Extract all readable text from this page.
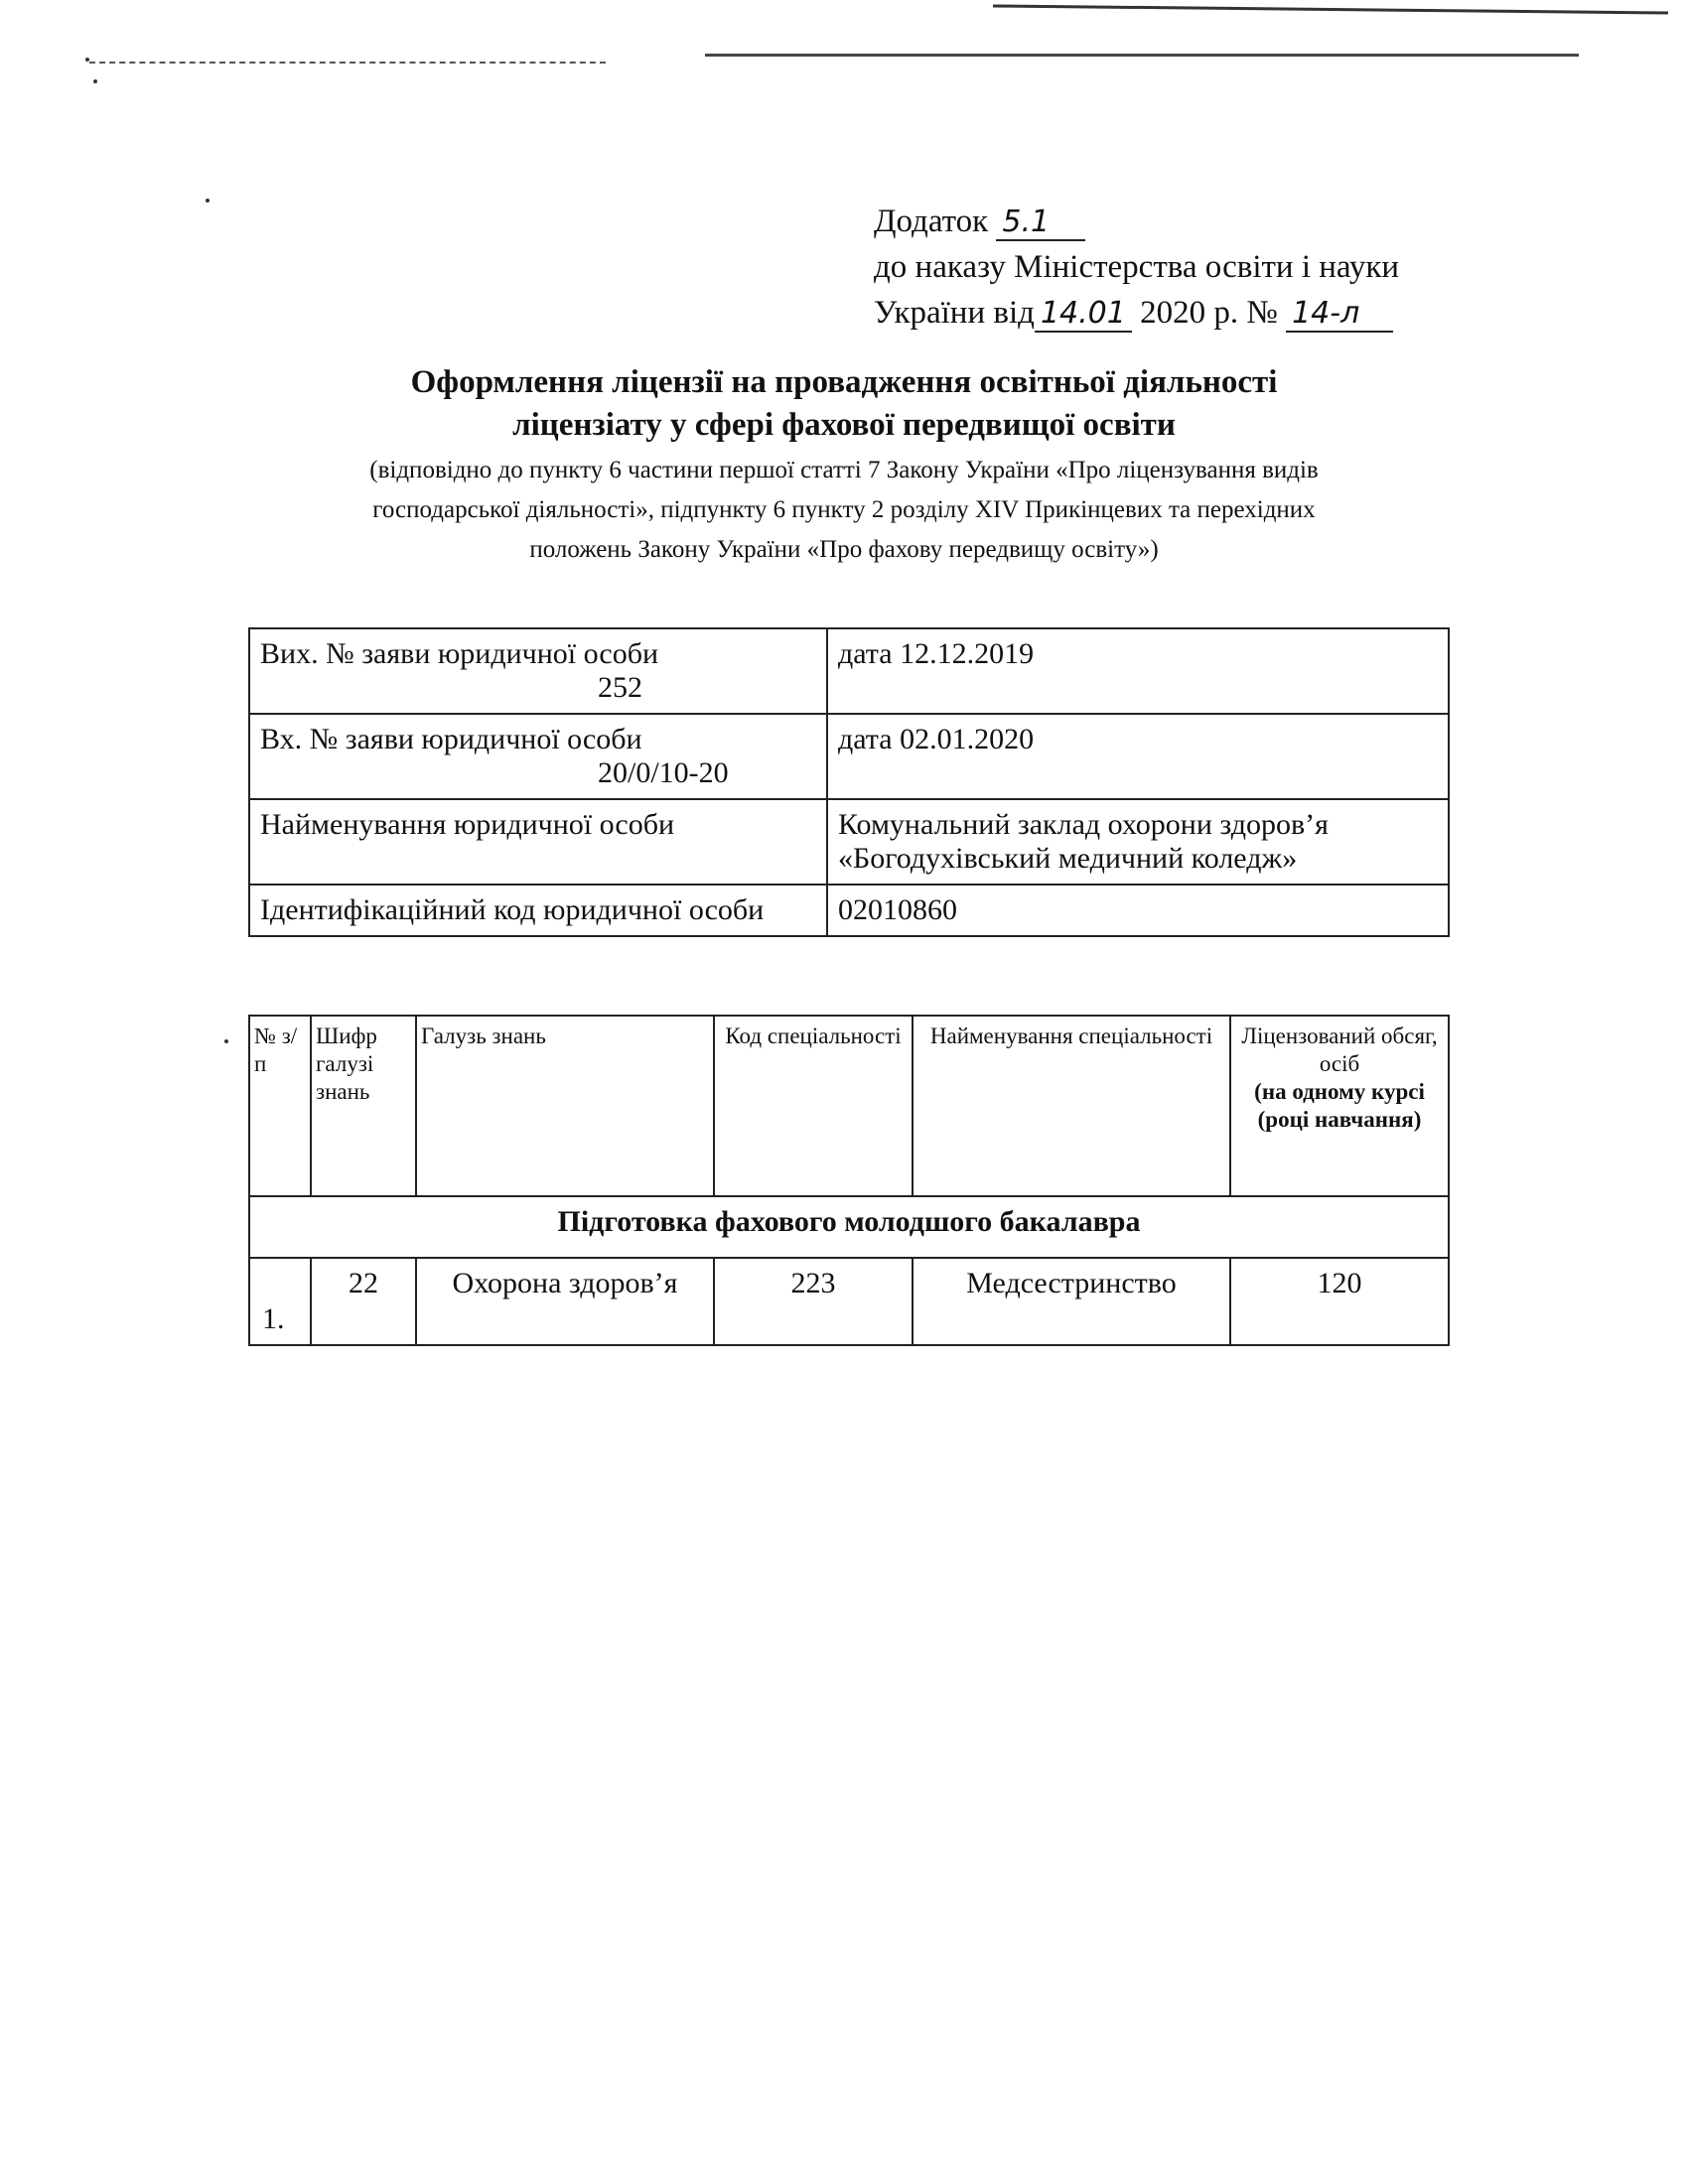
Додаток 5.1
до наказу Міністерства освіти і науки
України від 14.01 2020 р. № 14-л
Оформлення ліцензії на провадження освітньої діяльності
ліцензіату у сфері фахової передвищої освіти
(відповідно до пункту 6 частини першої статті 7 Закону України «Про ліцензування видів
господарської діяльності», підпункту 6 пункту 2 розділу XIV Прикінцевих та перехідних
положень Закону України «Про фахову передвищу освіту»)
Вих. № заяви юридичної особи
252	дата 12.12.2019
Вх. № заяви юридичної особи
20/0/10-20	дата 02.01.2020
Найменування юридичної особи	Комунальний заклад охорони здоров’я
«Богодухівський медичний коледж»

Ідентифікаційний код юридичної особи	02010860
№ з/п	Шифр галузі знань	Галузь знань	Код спеціальності	Найменування спеціальності	Ліцензований обсяг, осіб
(на одному курсі (році навчання)

Підготовка фахового молодшого бакалавра					
1.	22	Охорона здоров’я	223	Медсестринство	120
